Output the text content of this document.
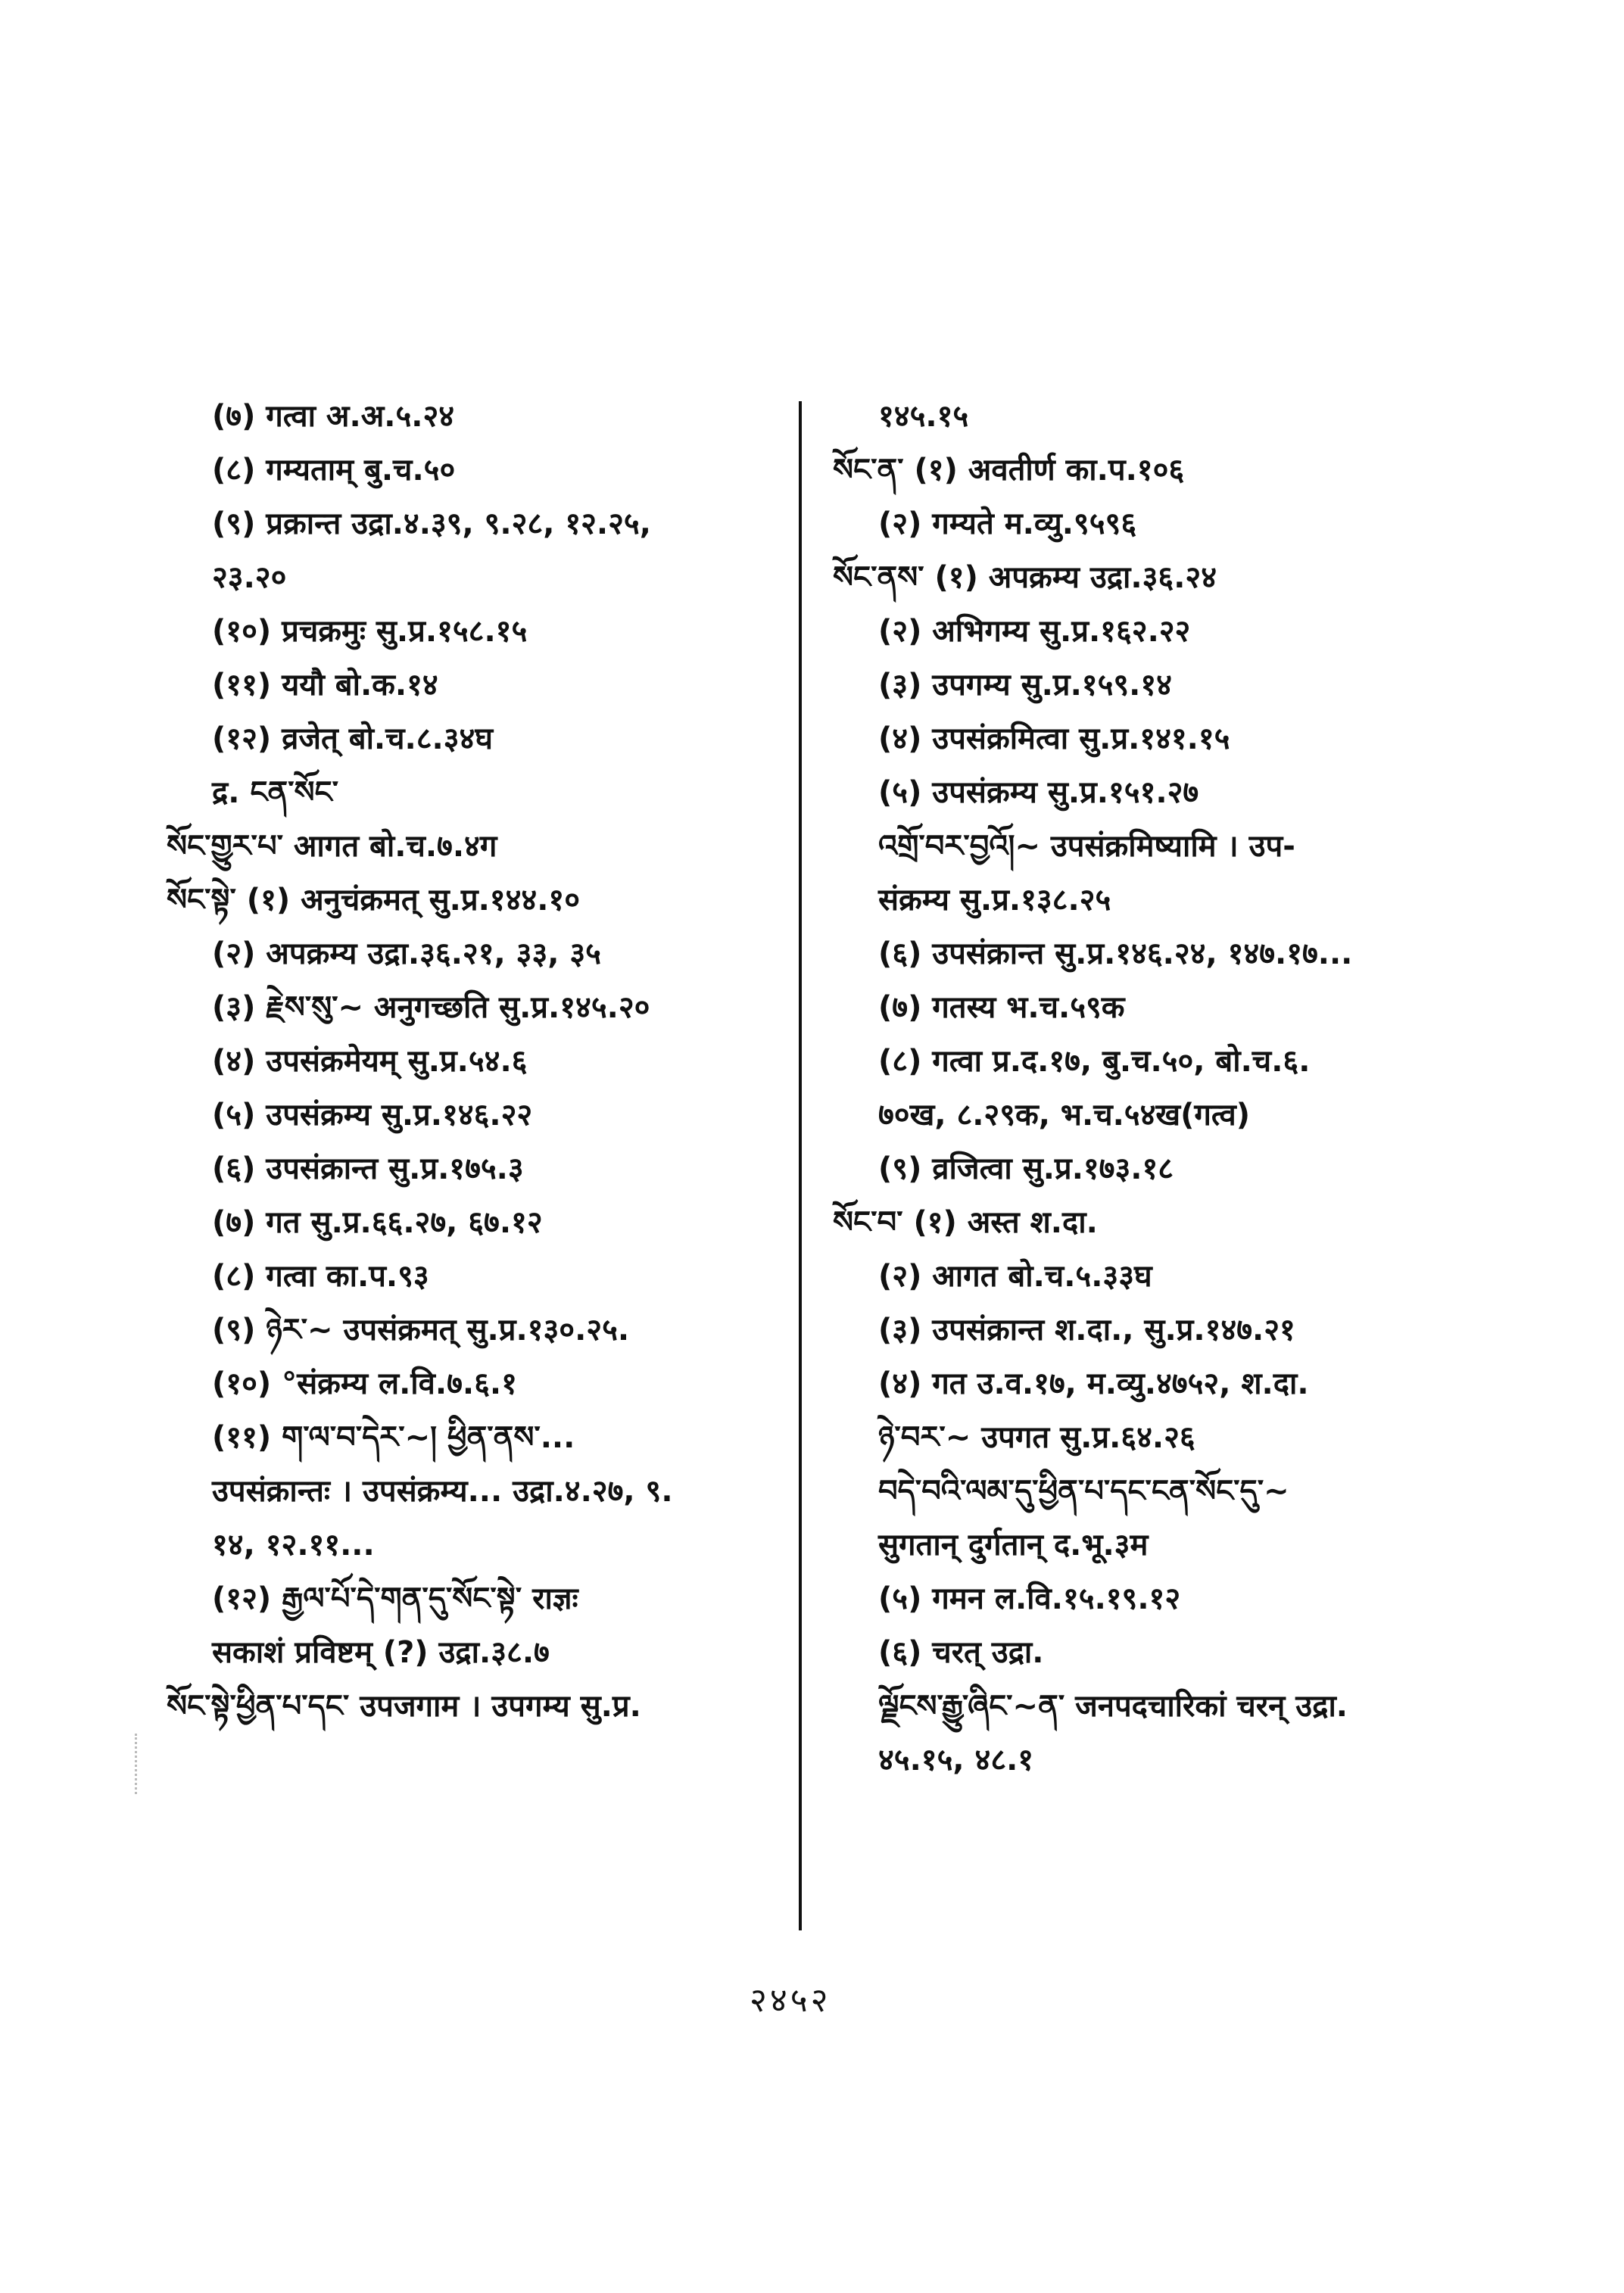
(७) गत्वा अ.अ.५.२४
(८) गम्यताम् बु.च.५०
(९) प्रक्रान्त उद्रा.४.३९, ९.२८, १२.२५,
२३.२०
(१०) प्रचक्रमुः सु.प्र.१५८.१५
(११) ययौ बो.क.१४
(१२) व्रजेत् बो.च.८.३४घ
द्र. ངན་སོང་
སོང་གྱུར་པ་ आगत बो.च.७.४ग
སོང་སྟེ་ (१) अनुचंक्रमत् सु.प्र.१४४.१०
(२) अपक्रम्य उद्रा.३६.२१, ३३, ३५
(३) རྗེས་སུ་~ अनुगच्छति सु.प्र.१४५.२०
(४) उपसंक्रमेयम् सु.प्र.५४.६
(५) उपसंक्रम्य सु.प्र.१४६.२२
(६) उपसंक्रान्त सु.प्र.१७५.३
(७) गत सु.प्र.६६.२७, ६७.१२
(८) गत्वा का.प.९३
(९) ཉེར་~ उपसंक्रमत् सु.प्र.१३०.२५.
(१०) °संक्रम्य ल.वि.७.६.१
(११) ག་ལ་བ་དེར་~། ཕྱིན་ནས་...
उपसंक्रान्तः । उपसंक्रम्य... उद्रा.४.२७, ९.
१४, १२.११...
(१२) རྒྱལ་པོ་དེ་གན་དུ་སོང་སྟེ་ राज्ञः
सकाशं प्रविष्टम् (?) उद्रा.३८.७
སོང་སྟེ་ཕྱིན་པ་དང་ उपजगाम । उपगम्य सु.प्र.
१४५.१५
སོང་ན་ (१) अवतीर्ण का.प.१०६
(२) गम्यते म.व्यु.९५९६
སོང་ནས་ (१) अपक्रम्य उद्रा.३६.२४
(२) अभिगम्य सु.प्र.१६२.२२
(३) उपगम्य सु.प्र.१५९.१४
(४) उपसंक्रमित्वा सु.प्र.१४१.१५
(५) उपसंक्रम्य सु.प्र.१५१.२७
འགྲོ་བར་བྱའོ།~ उपसंक्रमिष्यामि । उप-
संक्रम्य सु.प्र.१३८.२५
(६) उपसंक्रान्त सु.प्र.१४६.२४, १४७.१७...
(७) गतस्य भ.च.५९क
(८) गत्वा प्र.द.१७, बु.च.५०, बो.च.६.
७०ख, ८.२९क, भ.च.५४ख(गत्व)
(९) व्रजित्वा सु.प्र.१७३.१८
སོང་བ་ (१) अस्त श.दा.
(२) आगत बो.च.५.३३घ
(३) उपसंक्रान्त श.दा., सु.प्र.१४७.२१
(४) गत उ.व.१७, म.व्यु.४७५२, श.दा.
ཉེ་བར་~ उपगत सु.प्र.६४.२६
བདེ་བའི་ལམ་དུ་ཕྱིན་པ་དང་ངན་སོང་དུ་~
सुगतान् दुर्गतान् द.भू.३म
(५) गमन ल.वि.१५.१९.१२
(६) चरत् उद्रा.
ལྗོངས་རྒྱུ་ཞིང་~ན་ जनपदचारिकां चरन् उद्रा.
४५.१५, ४८.१
२४५२
